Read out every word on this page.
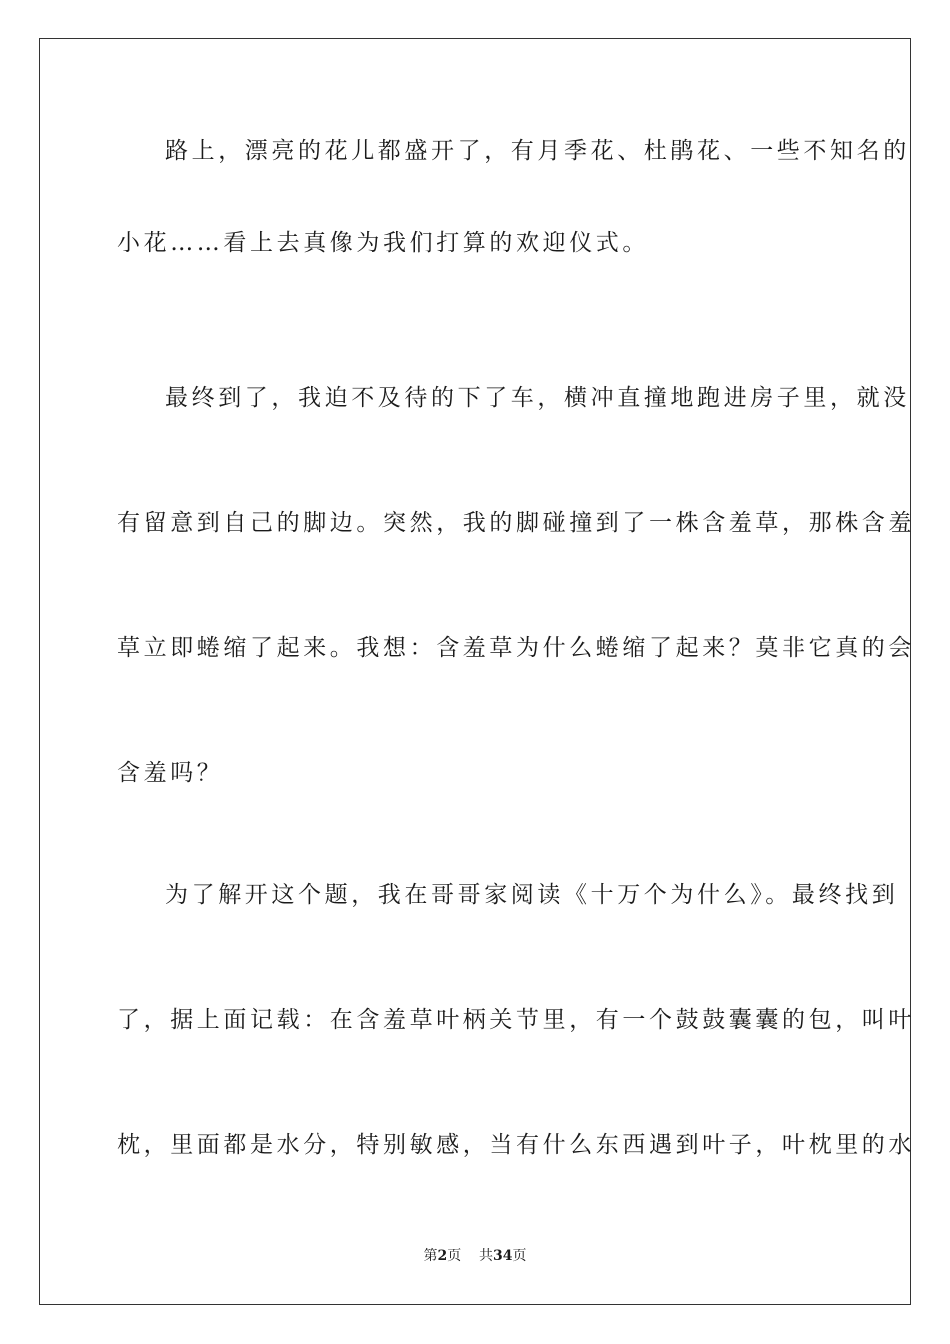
路上，漂亮的花儿都盛开了，有月季花、杜鹃花、一些不知名的
小花……看上去真像为我们打算的欢迎仪式。
最终到了，我迫不及待的下了车，横冲直撞地跑进房子里，就没
有留意到自己的脚边。突然，我的脚碰撞到了一株含羞草，那株含羞
草立即蜷缩了起来。我想：含羞草为什么蜷缩了起来？莫非它真的会
含羞吗？
为了解开这个题，我在哥哥家阅读《十万个为什么》。最终找到
了，据上面记载：在含羞草叶柄关节里，有一个鼓鼓囊囊的包，叫叶
枕，里面都是水分，特别敏感，当有什么东西遇到叶子，叶枕里的水
第2页 共34页
